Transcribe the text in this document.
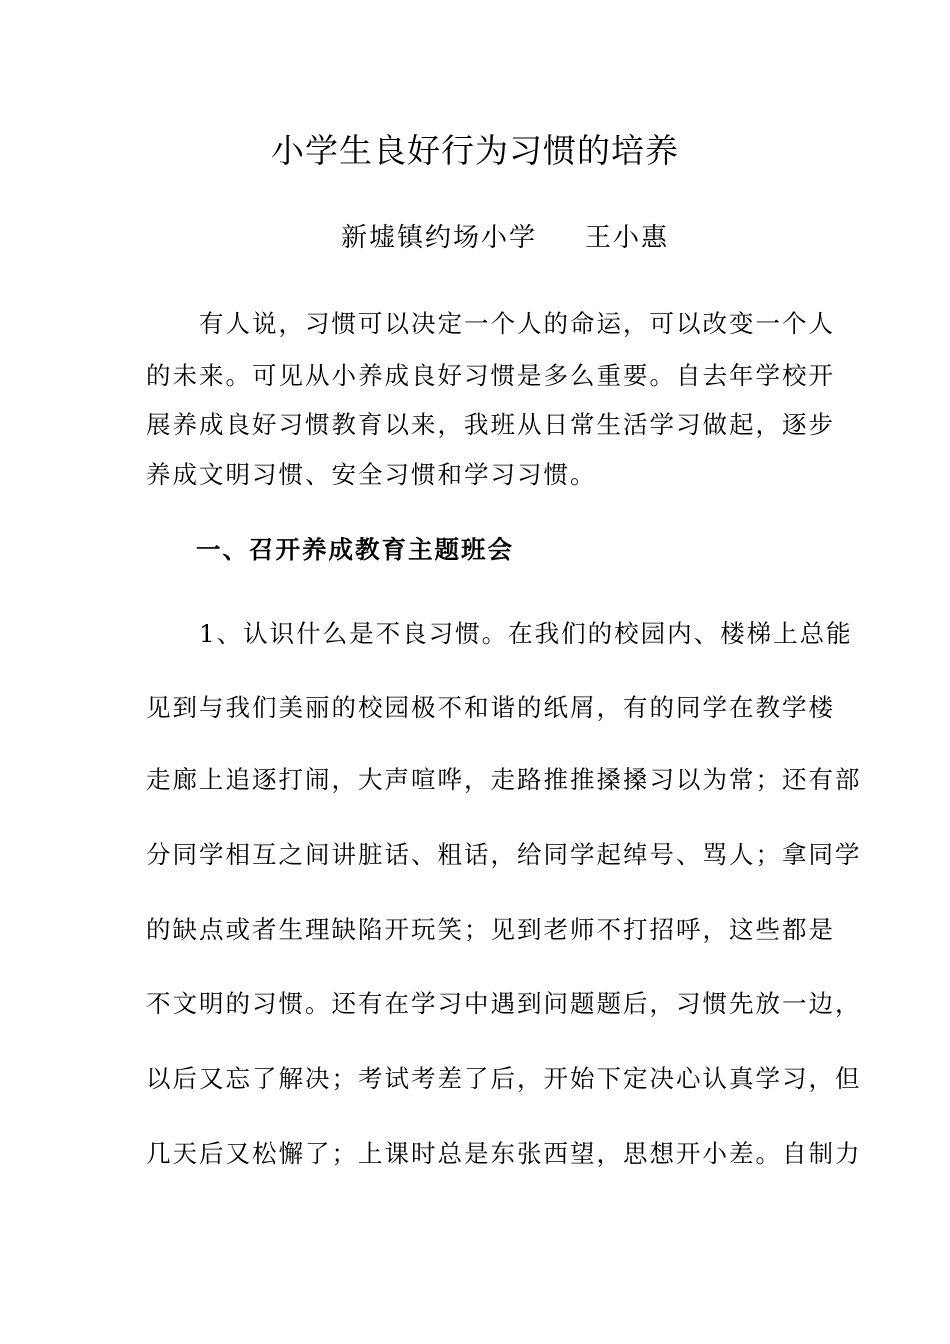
小学生良好行为习惯的培养
新墟镇约场小学 王小惠
　　有人说，习惯可以决定一个人的命运，可以改变一个人
的未来。可见从小养成良好习惯是多么重要。自去年学校开
展养成良好习惯教育以来，我班从日常生活学习做起，逐步
养成文明习惯、安全习惯和学习习惯。
一、召开养成教育主题班会
　　1、认识什么是不良习惯。在我们的校园内、楼梯上总能
见到与我们美丽的校园极不和谐的纸屑，有的同学在教学楼
走廊上追逐打闹，大声喧哗，走路推推搡搡习以为常；还有部
分同学相互之间讲脏话、粗话，给同学起绰号、骂人；拿同学
的缺点或者生理缺陷开玩笑；见到老师不打招呼，这些都是
不文明的习惯。还有在学习中遇到问题题后，习惯先放一边，
以后又忘了解决；考试考差了后，开始下定决心认真学习，但
几天后又松懈了；上课时总是东张西望，思想开小差。自制力
